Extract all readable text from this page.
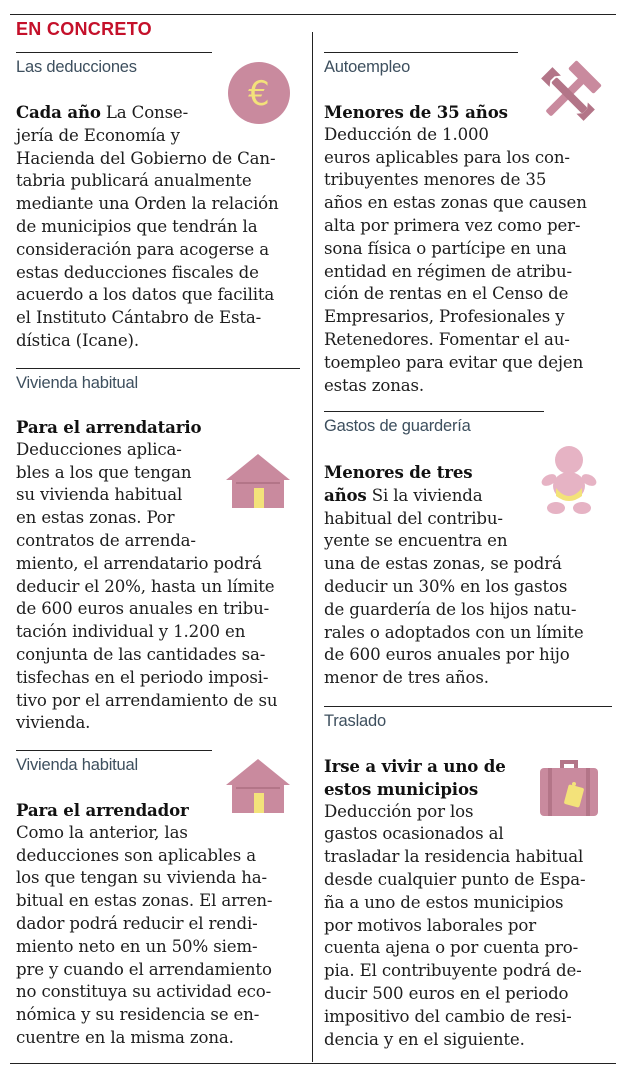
EN CONCRETO
Las deducciones
€
Cada año La Conse-
jería de Economía y
Hacienda del Gobierno de Can-
tabria publicará anualmente
mediante una Orden la relación
de municipios que tendrán la
consideración para acogerse a
estas deducciones fiscales de
acuerdo a los datos que facilita
el Instituto Cántabro de Esta-
dística (Icane).
Vivienda habitual
Para el arrendatario
Deducciones aplica-
bles a los que tengan
su vivienda habitual
en estas zonas. Por
contratos de arrenda-
miento, el arrendatario podrá
deducir el 20%, hasta un límite
de 600 euros anuales en tribu-
tación individual y 1.200 en
conjunta de las cantidades sa-
tisfechas en el periodo imposi-
tivo por el arrendamiento de su
vivienda.
Vivienda habitual
Para el arrendador
Como la anterior, las
deducciones son aplicables a
los que tengan su vivienda ha-
bitual en estas zonas. El arren-
dador podrá reducir el rendi-
miento neto en un 50% siem-
pre y cuando el arrendamiento
no constituya su actividad eco-
nómica y su residencia se en-
cuentre en la misma zona.
Autoempleo
Menores de 35 años
Deducción de 1.000
euros aplicables para los con-
tribuyentes menores de 35
años en estas zonas que causen
alta por primera vez como per-
sona física o partícipe en una
entidad en régimen de atribu-
ción de rentas en el Censo de
Empresarios, Profesionales y
Retenedores. Fomentar el au-
toempleo para evitar que dejen
estas zonas.
Gastos de guardería
Menores de tres
años Si la vivienda
habitual del contribu-
yente se encuentra en
una de estas zonas, se podrá
deducir un 30% en los gastos
de guardería de los hijos natu-
rales o adoptados con un límite
de 600 euros anuales por hijo
menor de tres años.
Traslado
Irse a vivir a uno de
estos municipios
Deducción por los
gastos ocasionados al
trasladar la residencia habitual
desde cualquier punto de Espa-
ña a uno de estos municipios
por motivos laborales por
cuenta ajena o por cuenta pro-
pia. El contribuyente podrá de-
ducir 500 euros en el periodo
impositivo del cambio de resi-
dencia y en el siguiente.
